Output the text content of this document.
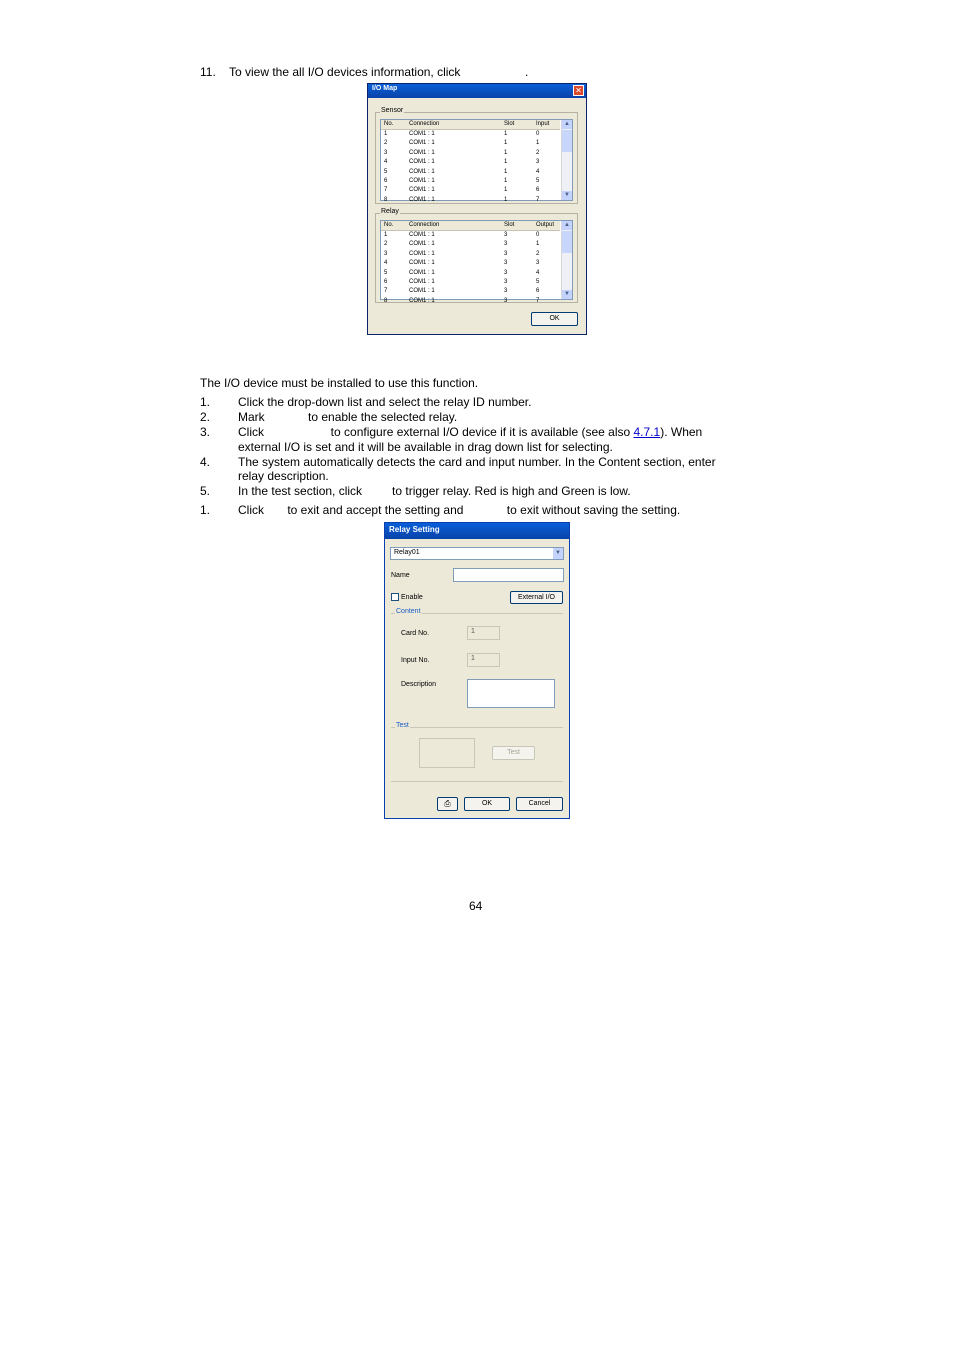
11. To view the all I/O devices information, click	.
I/O Map	✕
Sensor
No.	Connection	Slot	Input	▲
▼
1	COM1 : 1	1	0
2	COM1 : 1	1	1
3	COM1 : 1	1	2
4	COM1 : 1	1	3
5	COM1 : 1	1	4
6	COM1 : 1	1	5
7	COM1 : 1	1	6
8	COM1 : 1	1	7
Relay
No.	Connection	Slot	Output	▲
▼
1	COM1 : 1	3	0
2	COM1 : 1	3	1
3	COM1 : 1	3	2
4	COM1 : 1	3	3
5	COM1 : 1	3	4
6	COM1 : 1	3	5
7	COM1 : 1	3	6
8	COM1 : 1	3	7
OK
The I/O device must be installed to use this function.
1. Click the drop-down list and select the relay ID number.
2. Mark             to enable the selected relay.
3. Click                    to configure external I/O device if it is available (see also 4.7.1). When
external I/O is set and it will be available in drag down list for selecting.
4. The system automatically detects the card and input number. In the Content section, enter
relay description.
5. In the test section, click         to trigger relay. Red is high and Green is low.
1. Click       to exit and accept the setting and             to exit without saving the setting.
Relay Setting
Relay01	▼
Name
Enable	External I/O
Content
Card No.	1
Input No.	1
Description
Test
Test
⎙	OK	Cancel
64
